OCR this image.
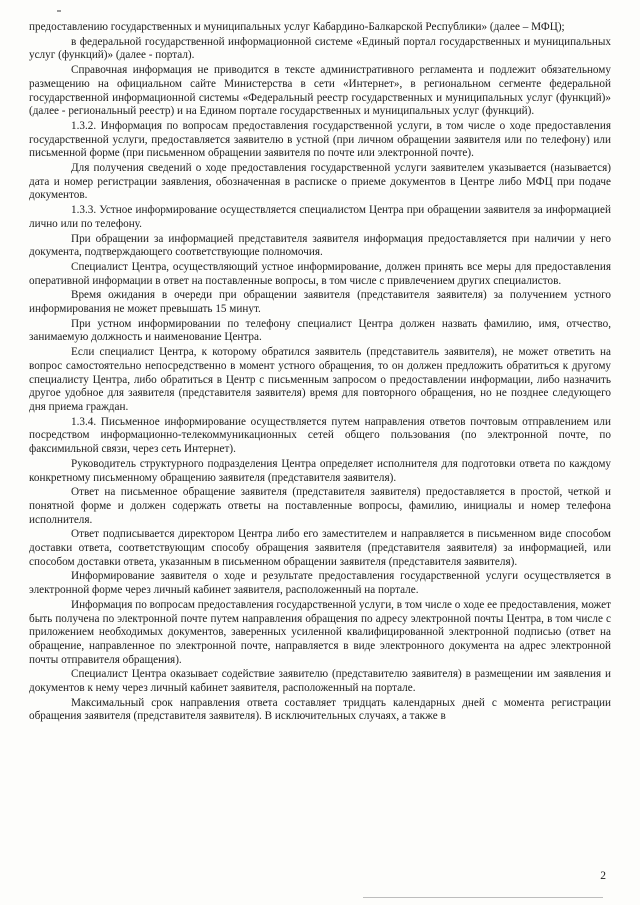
предоставлению государственных и муниципальных услуг Кабардино-Балкарской Республики» (далее – МФЦ);

в федеральной государственной информационной системе «Единый портал государственных и муниципальных услуг (функций)» (далее - портал).

Справочная информация не приводится в тексте административного регламента и подлежит обязательному размещению на официальном сайте Министерства в сети «Интернет», в региональном сегменте федеральной государственной информационной системы «Федеральный реестр государственных и муниципальных услуг (функций)» (далее - региональный реестр) и на Едином портале государственных и муниципальных услуг (функций).

1.3.2. Информация по вопросам предоставления государственной услуги, в том числе о ходе предоставления государственной услуги, предоставляется заявителю в устной (при личном обращении заявителя или по телефону) или письменной форме (при письменном обращении заявителя по почте или электронной почте).

Для получения сведений о ходе предоставления государственной услуги заявителем указывается (называется) дата и номер регистрации заявления, обозначенная в расписке о приеме документов в Центре либо МФЦ при подаче документов.

1.3.3. Устное информирование осуществляется специалистом Центра при обращении заявителя за информацией лично или по телефону.

При обращении за информацией представителя заявителя информация предоставляется при наличии у него документа, подтверждающего соответствующие полномочия.

Специалист Центра, осуществляющий устное информирование, должен принять все меры для предоставления оперативной информации в ответ на поставленные вопросы, в том числе с привлечением других специалистов.

Время ожидания в очереди при обращении заявителя (представителя заявителя) за получением устного информирования не может превышать 15 минут.

При устном информировании по телефону специалист Центра должен назвать фамилию, имя, отчество, занимаемую должность и наименование Центра.

Если специалист Центра, к которому обратился заявитель (представитель заявителя), не может ответить на вопрос самостоятельно непосредственно в момент устного обращения, то он должен предложить обратиться к другому специалисту Центра, либо обратиться в Центр с письменным запросом о предоставлении информации, либо назначить другое удобное для заявителя (представителя заявителя) время для повторного обращения, но не позднее следующего дня приема граждан.

1.3.4. Письменное информирование осуществляется путем направления ответов почтовым отправлением или посредством информационно-телекоммуникационных сетей общего пользования (по электронной почте, по факсимильной связи, через сеть Интернет).

Руководитель структурного подразделения Центра определяет исполнителя для подготовки ответа по каждому конкретному письменному обращению заявителя (представителя заявителя).

Ответ на письменное обращение заявителя (представителя заявителя) предоставляется в простой, четкой и понятной форме и должен содержать ответы на поставленные вопросы, фамилию, инициалы и номер телефона исполнителя.

Ответ подписывается директором Центра либо его заместителем и направляется в письменном виде способом доставки ответа, соответствующим способу обращения заявителя (представителя заявителя) за информацией, или способом доставки ответа, указанным в письменном обращении заявителя (представителя заявителя).

Информирование заявителя о ходе и результате предоставления государственной услуги осуществляется в электронной форме через личный кабинет заявителя, расположенный на портале.

Информация по вопросам предоставления государственной услуги, в том числе о ходе ее предоставления, может быть получена по электронной почте путем направления обращения по адресу электронной почты Центра, в том числе с приложением необходимых документов, заверенных усиленной квалифицированной электронной подписью (ответ на обращение, направленное по электронной почте, направляется в виде электронного документа на адрес электронной почты отправителя обращения).

Специалист Центра оказывает содействие заявителю (представителю заявителя) в размещении им заявления и документов к нему через личный кабинет заявителя, расположенный на портале.

Максимальный срок направления ответа составляет тридцать календарных дней с момента регистрации обращения заявителя (представителя заявителя). В исключительных случаях, а также в

2
